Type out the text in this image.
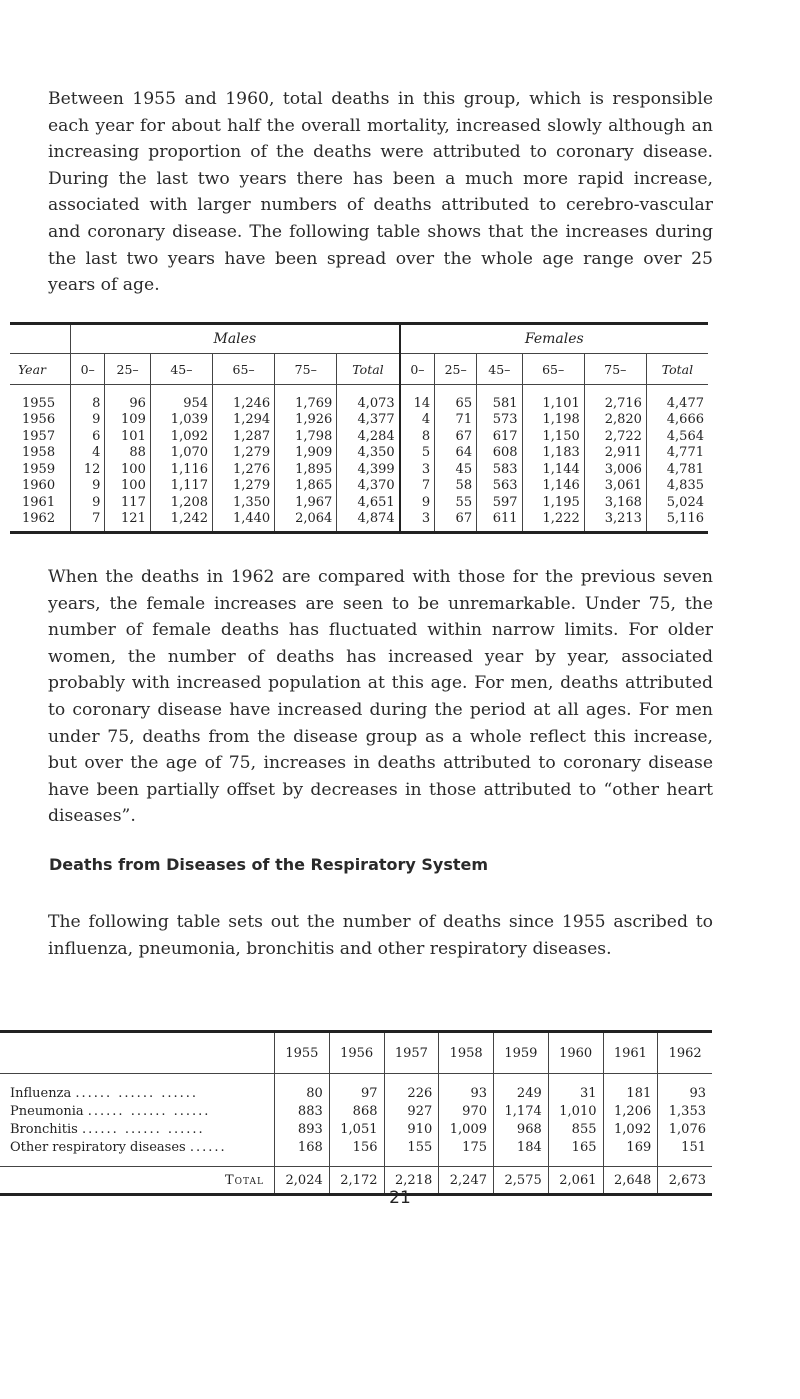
Between 1955 and 1960, total deaths in this group, which is responsible each year for about half the overall mortality, increased slowly although an increasing proportion of the deaths were attributed to coronary disease. During the last two years there has been a much more rapid increase, associated with larger numbers of deaths attributed to cerebro-vascular and coronary disease. The following table shows that the increases during the last two years have been spread over the whole age range over 25 years of age.

	Males						Females					
Year	0–	25–	45–	65–	75–	Total	0–	25–	45–	65–	75–	Total
1955	8	96	954	1,246	1,769	4,073	14	65	581	1,101	2,716	4,477
1956	9	109	1,039	1,294	1,926	4,377	4	71	573	1,198	2,820	4,666
1957	6	101	1,092	1,287	1,798	4,284	8	67	617	1,150	2,722	4,564
1958	4	88	1,070	1,279	1,909	4,350	5	64	608	1,183	2,911	4,771
1959	12	100	1,116	1,276	1,895	4,399	3	45	583	1,144	3,006	4,781
1960	9	100	1,117	1,279	1,865	4,370	7	58	563	1,146	3,061	4,835
1961	9	117	1,208	1,350	1,967	4,651	9	55	597	1,195	3,168	5,024
1962	7	121	1,242	1,440	2,064	4,874	3	67	611	1,222	3,213	5,116

When the deaths in 1962 are compared with those for the previous seven years, the female increases are seen to be unremarkable. Under 75, the number of female deaths has fluctuated within narrow limits. For older women, the number of deaths has increased year by year, associated probably with increased population at this age. For men, deaths attributed to coronary disease have increased during the period at all ages. For men under 75, deaths from the disease group as a whole reflect this increase, but over the age of 75, increases in deaths attributed to coronary disease have been partially offset by decreases in those attributed to “other heart diseases”.

Deaths from Diseases of the Respiratory System

The following table sets out the number of deaths since 1955 ascribed to influenza, pneumonia, bronchitis and other respiratory diseases.

	1955	1956	1957	1958	1959	1960	1961	1962
Influenza ...... ...... ......	80	97	226	93	249	31	181	93
Pneumonia ...... ...... ......	883	868	927	970	1,174	1,010	1,206	1,353
Bronchitis ...... ...... ......	893	1,051	910	1,009	968	855	1,092	1,076
Other respiratory diseases ......	168	156	155	175	184	165	169	151
Total	2,024	2,172	2,218	2,247	2,575	2,061	2,648	2,673

21
